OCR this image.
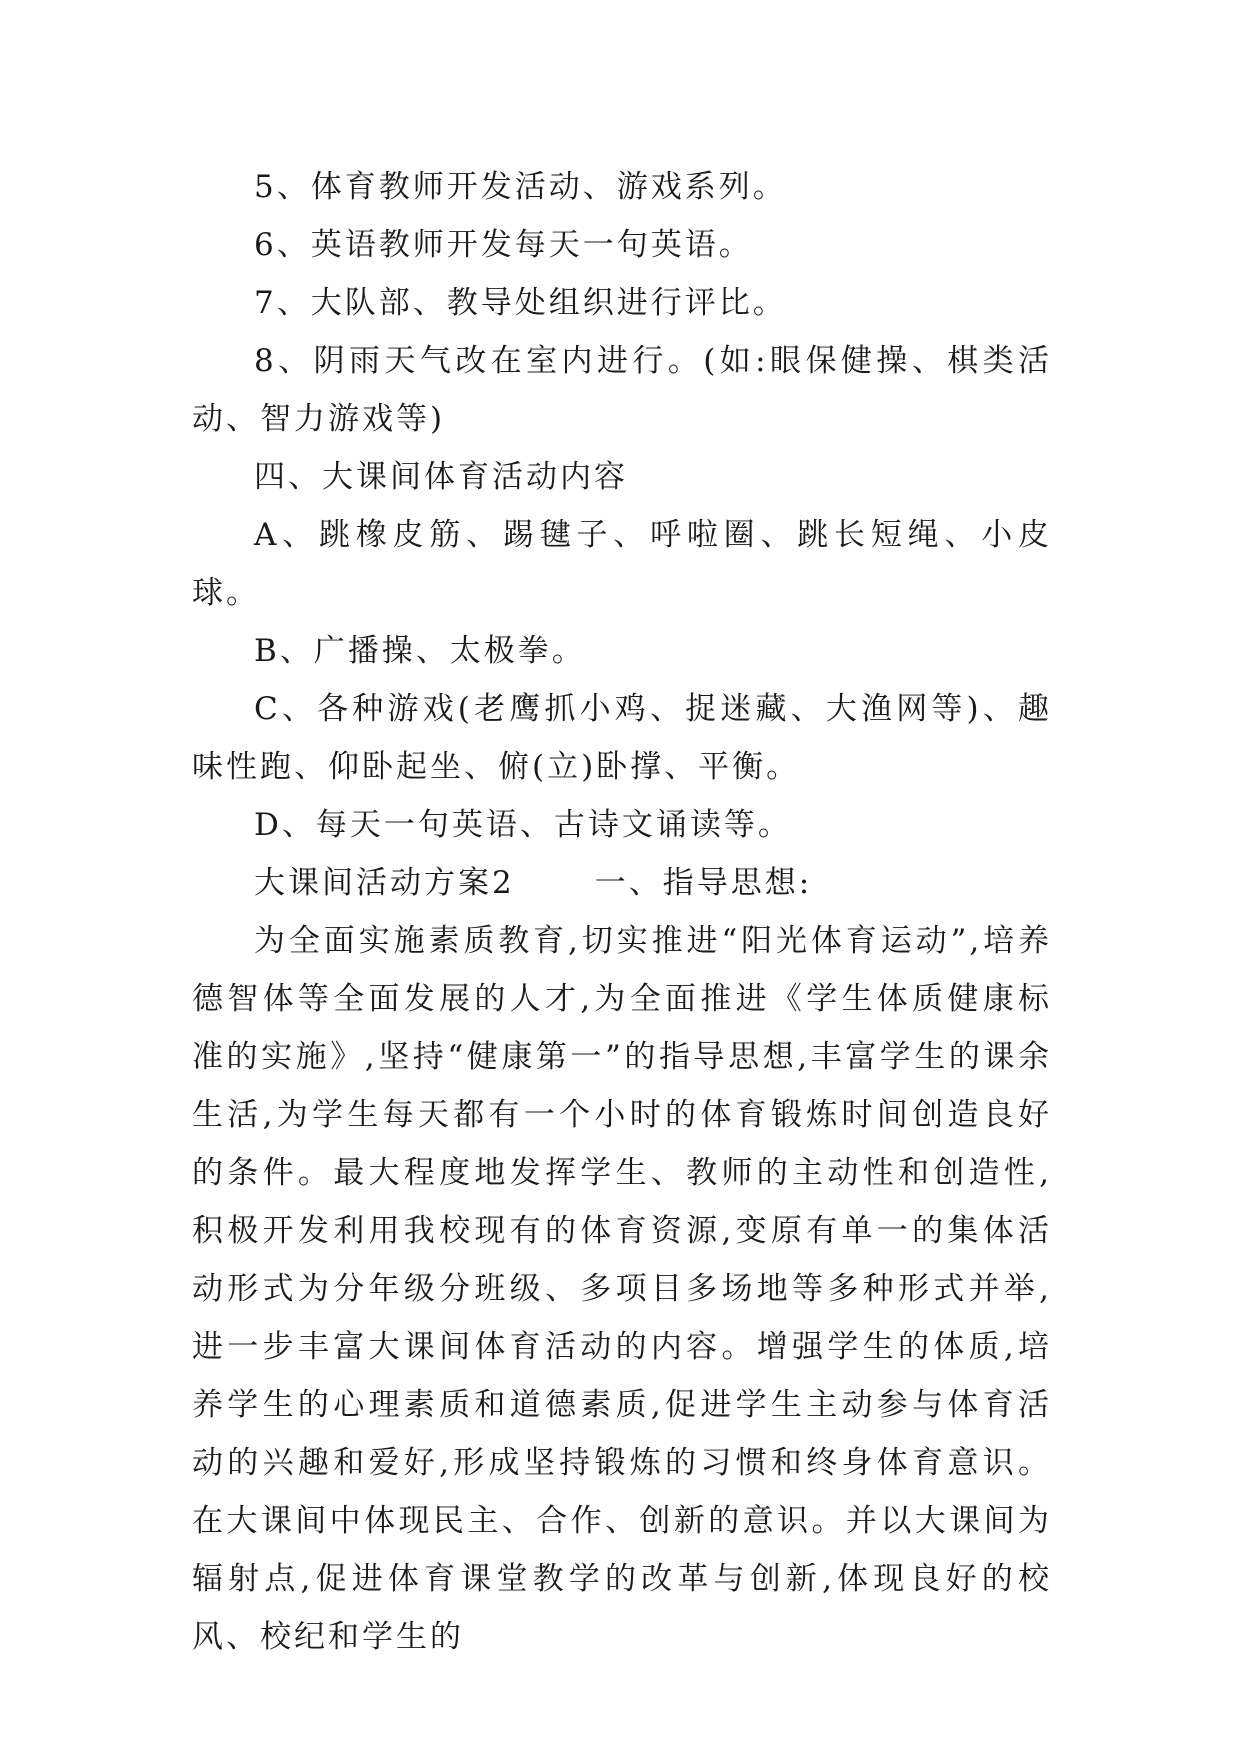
5、体育教师开发活动、游戏系列。

6、英语教师开发每天一句英语。

7、大队部、教导处组织进行评比。

8、阴雨天气改在室内进行。(如:眼保健操、棋类活动、智力游戏等)

四、大课间体育活动内容

A、跳橡皮筋、踢毽子、呼啦圈、跳长短绳、小皮球。

B、广播操、太极拳。

C、各种游戏(老鹰抓小鸡、捉迷藏、大渔网等)、趣味性跑、仰卧起坐、俯(立)卧撑、平衡。

D、每天一句英语、古诗文诵读等。

大课间活动方案2	一、指导思想:

为全面实施素质教育,切实推进“阳光体育运动”,培养德智体等全面发展的人才,为全面推进《学生体质健康标准的实施》,坚持“健康第一”的指导思想,丰富学生的课余生活,为学生每天都有一个小时的体育锻炼时间创造良好的条件。最大程度地发挥学生、教师的主动性和创造性,积极开发利用我校现有的体育资源,变原有单一的集体活动形式为分年级分班级、多项目多场地等多种形式并举,进一步丰富大课间体育活动的内容。增强学生的体质,培养学生的心理素质和道德素质,促进学生主动参与体育活动的兴趣和爱好,形成坚持锻炼的习惯和终身体育意识。在大课间中体现民主、合作、创新的意识。并以大课间为辐射点,促进体育课堂教学的改革与创新,体现良好的校风、校纪和学生的
